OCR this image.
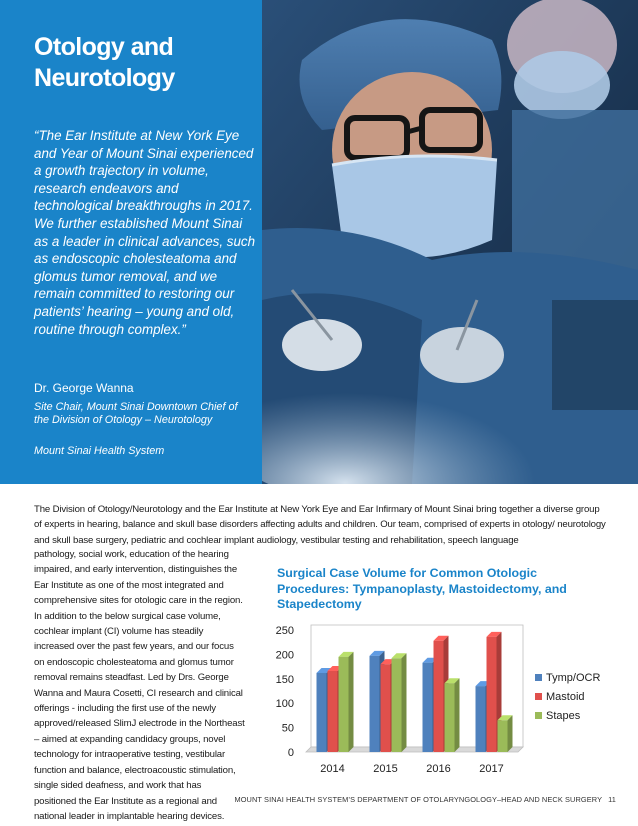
Otology and Neurotology

“The Ear Institute at New York Eye and Year of Mount Sinai experienced a growth trajectory in volume, research endeavors and technological breakthroughs in 2017. We further established Mount Sinai as a leader in clinical advances, such as endoscopic cholesteatoma and glomus tumor removal, and we remain committed to restoring our patients’ hearing – young and old, routine through complex.”

Dr. George Wanna

Site Chair, Mount Sinai Downtown Chief of the Division of Otology – Neurotology

Mount Sinai Health System

The Division of Otology/Neurotology and the Ear Institute at New York Eye and Ear Infirmary of Mount Sinai bring together a diverse group of experts in hearing, balance and skull base disorders affecting adults and children. Our team, comprised of experts in otology/ neurotology and skull base surgery, pediatric and cochlear implant audiology, vestibular testing and rehabilitation, speech language

pathology, social work, education of the hearing impaired, and early intervention, distinguishes the Ear Institute as one of the most integrated and comprehensive sites for otologic care in the region. In addition to the below surgical case volume, cochlear implant (CI) volume has steadily increased over the past few years, and our focus on endoscopic cholesteatoma and glomus tumor removal remains steadfast. Led by Drs. George Wanna and Maura Cosetti, CI research and clinical offerings - including the first use of the newly approved/released SlimJ electrode in the Northeast – aimed at expanding candidacy groups, novel technology for intraoperative testing, vestibular function and balance, electroacoustic stimulation, single sided deafness, and work that has positioned the Ear Institute as a regional and national leader in implantable hearing devices.

Surgical Case Volume for Common Otologic Procedures: Tympanoplasty, Mastoidectomy, and Stapedectomy

0
50
100
150
200
250
2014	2015	2016	2017
Tymp/OCR
Mastoid
Stapes
MOUNT SINAI HEALTH SYSTEM’S DEPARTMENT OF OTOLARYNGOLOGY–HEAD AND NECK SURGERY 11
